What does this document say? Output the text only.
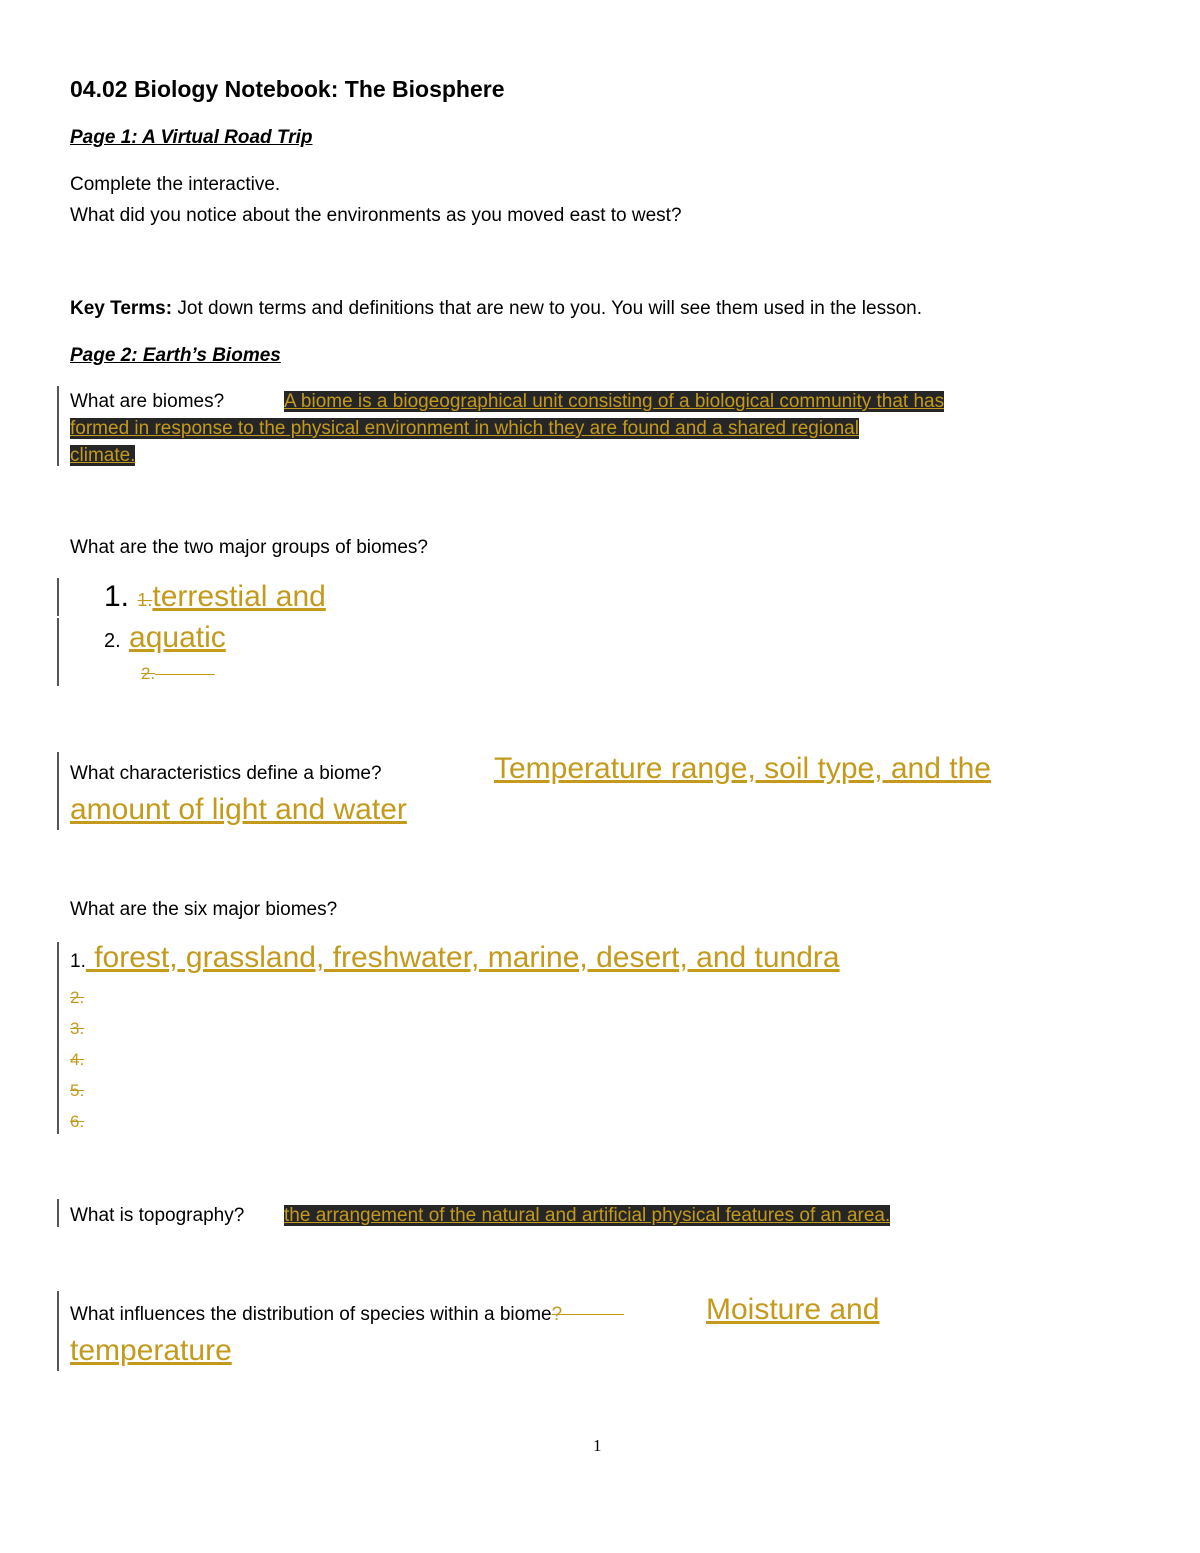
04.02 Biology Notebook: The Biosphere
Page 1: A Virtual Road Trip
Complete the interactive.
What did you notice about the environments as you moved east to west?
Key Terms: Jot down terms and definitions that are new to you. You will see them used in the lesson.
Page 2: Earth’s Biomes
What are biomes?	A biome is a biogeographical unit consisting of a biological community that has
formed in response to the physical environment in which they are found and a shared regional
climate.
What are the two major groups of biomes?
1. 1.terrestial and
2. aquatic
2.
What characteristics define a biome?	Temperature range, soil type, and the
amount of light and water
What are the six major biomes?
1. forest, grassland, freshwater, marine, desert, and tundra
2.
3.
4.
5.
6.
What is topography? the arrangement of the natural and artificial physical features of an area.
What influences the distribution of species within a biome?	Moisture and
temperature
1
